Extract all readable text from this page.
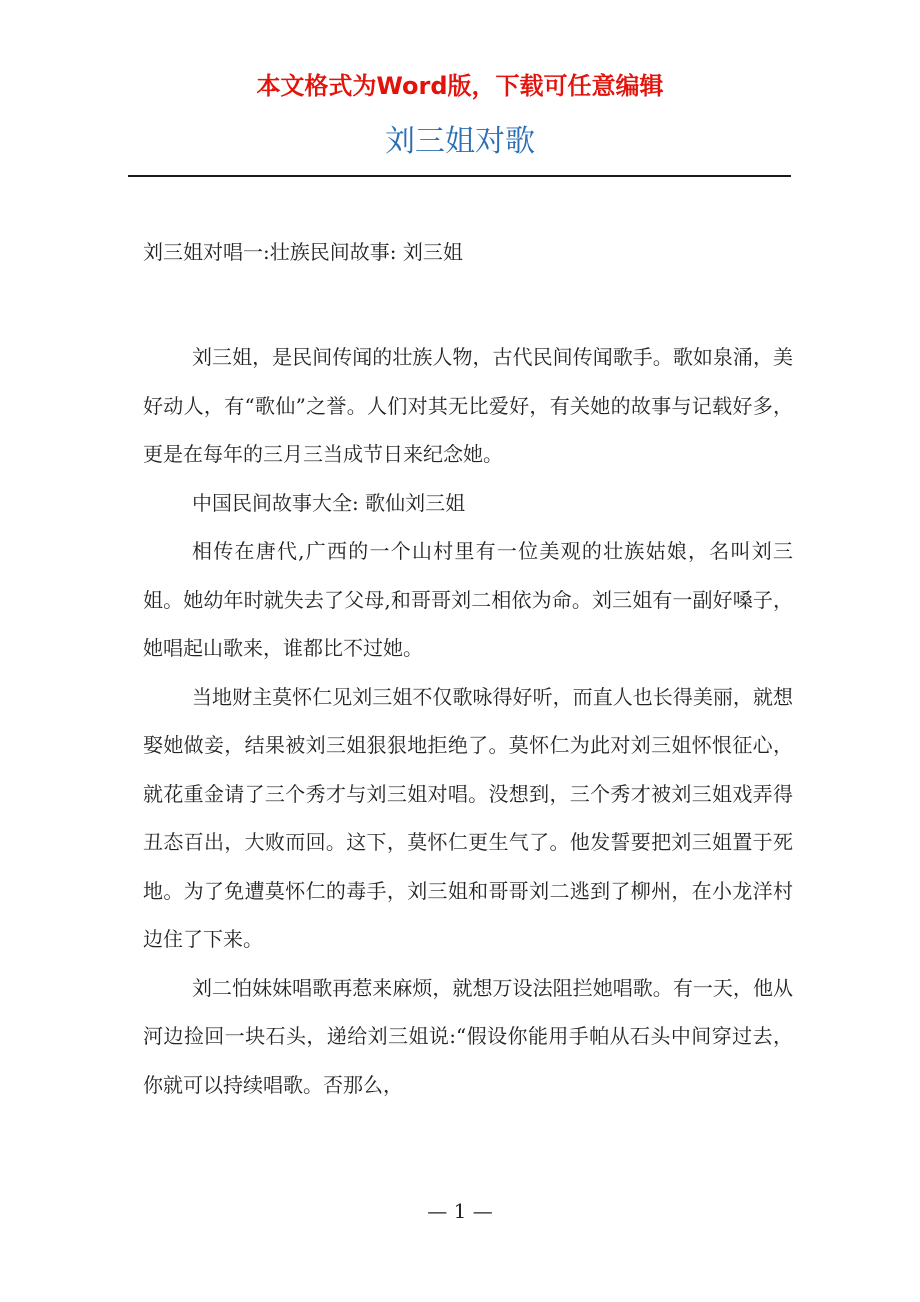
本文格式为Word版，下载可任意编辑
刘三姐对歌
刘三姐对唱一:壮族民间故事: 刘三姐

刘三姐，是民间传闻的壮族人物，古代民间传闻歌手。歌如泉涌，美好动人，有“歌仙”之誉。人们对其无比爱好，有关她的故事与记载好多，更是在每年的三月三当成节日来纪念她。

中国民间故事大全: 歌仙刘三姐

相传在唐代,广西的一个山村里有一位美观的壮族姑娘，名叫刘三姐。她幼年时就失去了父母,和哥哥刘二相依为命。刘三姐有一副好嗓子，她唱起山歌来，谁都比不过她。

当地财主莫怀仁见刘三姐不仅歌咏得好听，而直人也长得美丽，就想娶她做妾，结果被刘三姐狠狠地拒绝了。莫怀仁为此对刘三姐怀恨征心，就花重金请了三个秀才与刘三姐对唱。没想到，三个秀才被刘三姐戏弄得丑态百出，大败而回。这下，莫怀仁更生气了。他发誓要把刘三姐置于死地。为了免遭莫怀仁的毒手，刘三姐和哥哥刘二逃到了柳州，在小龙洋村边住了下来。

刘二怕妹妹唱歌再惹来麻烦，就想万设法阻拦她唱歌。有一天，他从河边捡回一块石头，递给刘三姐说:“假设你能用手帕从石头中间穿过去，你就可以持续唱歌。否那么，

— 1 —
